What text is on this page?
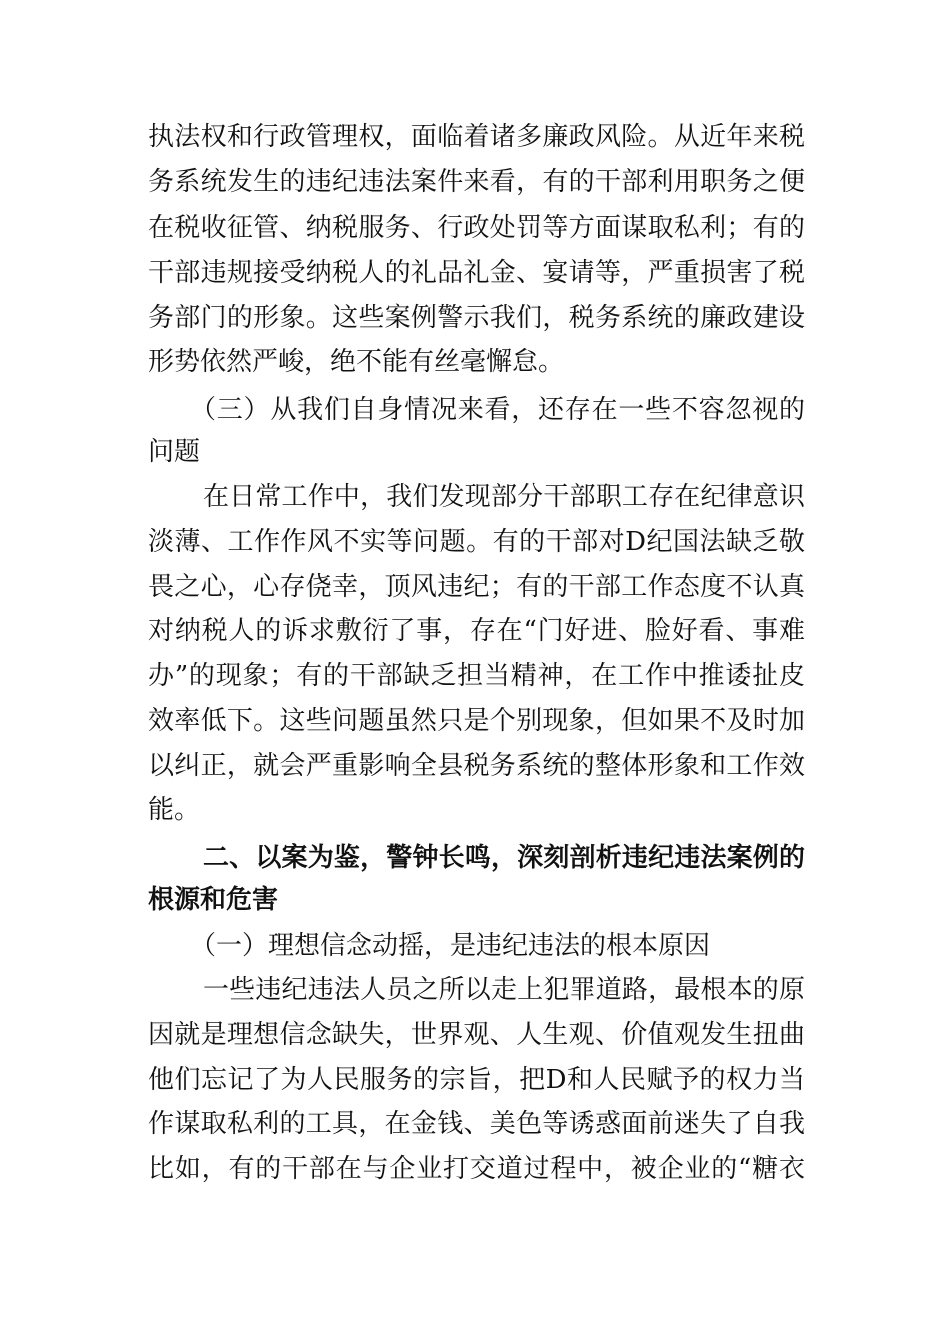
执法权和行政管理权，面临着诸多廉政风险。从近年来税
务系统发生的违纪违法案件来看，有的干部利用职务之便
在税收征管、纳税服务、行政处罚等方面谋取私利；有的
干部违规接受纳税人的礼品礼金、宴请等，严重损害了税
务部门的形象。这些案例警示我们，税务系统的廉政建设
形势依然严峻，绝不能有丝毫懈怠。
（三）从我们自身情况来看，还存在一些不容忽视的
问题
在日常工作中，我们发现部分干部职工存在纪律意识
淡薄、工作作风不实等问题。有的干部对D纪国法缺乏敬
畏之心，心存侥幸，顶风违纪；有的干部工作态度不认真
对纳税人的诉求敷衍了事，存在“门好进、脸好看、事难
办”的现象；有的干部缺乏担当精神，在工作中推诿扯皮
效率低下。这些问题虽然只是个别现象，但如果不及时加
以纠正，就会严重影响全县税务系统的整体形象和工作效
能。
二、以案为鉴，警钟长鸣，深刻剖析违纪违法案例的
根源和危害
（一）理想信念动摇，是违纪违法的根本原因
一些违纪违法人员之所以走上犯罪道路，最根本的原
因就是理想信念缺失，世界观、人生观、价值观发生扭曲
他们忘记了为人民服务的宗旨，把D和人民赋予的权力当
作谋取私利的工具，在金钱、美色等诱惑面前迷失了自我
比如，有的干部在与企业打交道过程中，被企业的“糖衣
